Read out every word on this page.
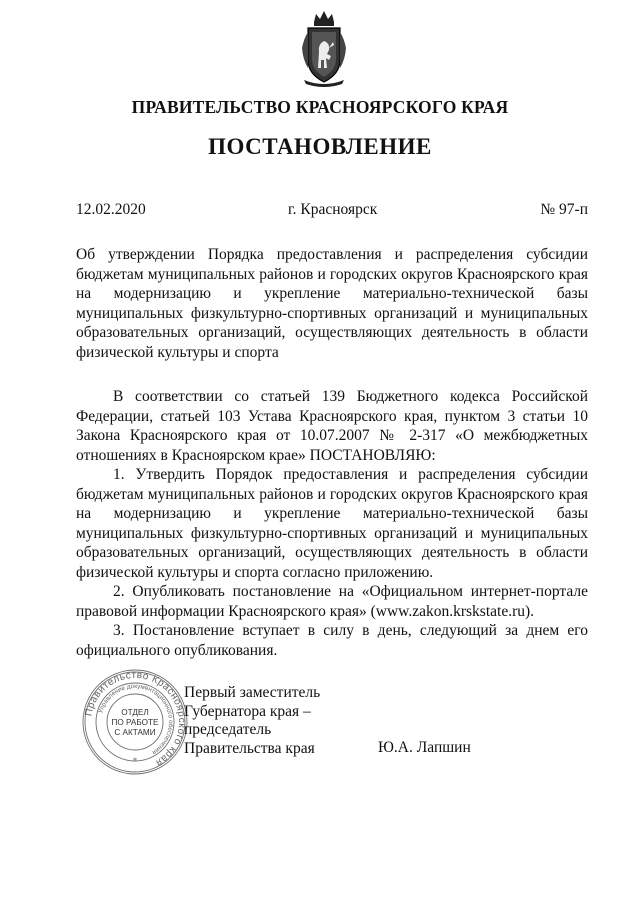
ПРАВИТЕЛЬСТВО КРАСНОЯРСКОГО КРАЯ
ПОСТАНОВЛЕНИЕ
12.02.2020	г. Красноярск	№ 97-п
Об утверждении Порядка предоставления и распределения субсидии бюджетам муниципальных районов и городских округов Красноярского края на модернизацию и укрепление материально-технической базы муниципальных физкультурно-спортивных организаций и муниципальных образовательных организаций, осуществляющих деятельность в области физической культуры и спорта

В соответствии со статьей 139 Бюджетного кодекса Российской Федерации, статьей 103 Устава Красноярского края, пунктом 3 статьи 10 Закона Красноярского края от 10.07.2007 № 2-317 «О межбюджетных отношениях в Красноярском крае» ПОСТАНОВЛЯЮ:

1. Утвердить Порядок предоставления и распределения субсидии бюджетам муниципальных районов и городских округов Красноярского края на модернизацию и укрепление материально-технической базы муниципальных физкультурно-спортивных организаций и муниципальных образовательных организаций, осуществляющих деятельность в области физической культуры и спорта согласно приложению.

2. Опубликовать постановление на «Официальном интернет-портале правовой информации Красноярского края» (www.zakon.krskstate.ru).

3. Постановление вступает в силу в день, следующий за днем его официального опубликования.

Правительство Красноярского края
Управление документационного обеспечения
ОТДЕЛ
ПО РАБОТЕ
С АКТАМИ
*
Первый заместитель
Губернатора края –
председатель
Правительства края	Ю.А. Лапшин
